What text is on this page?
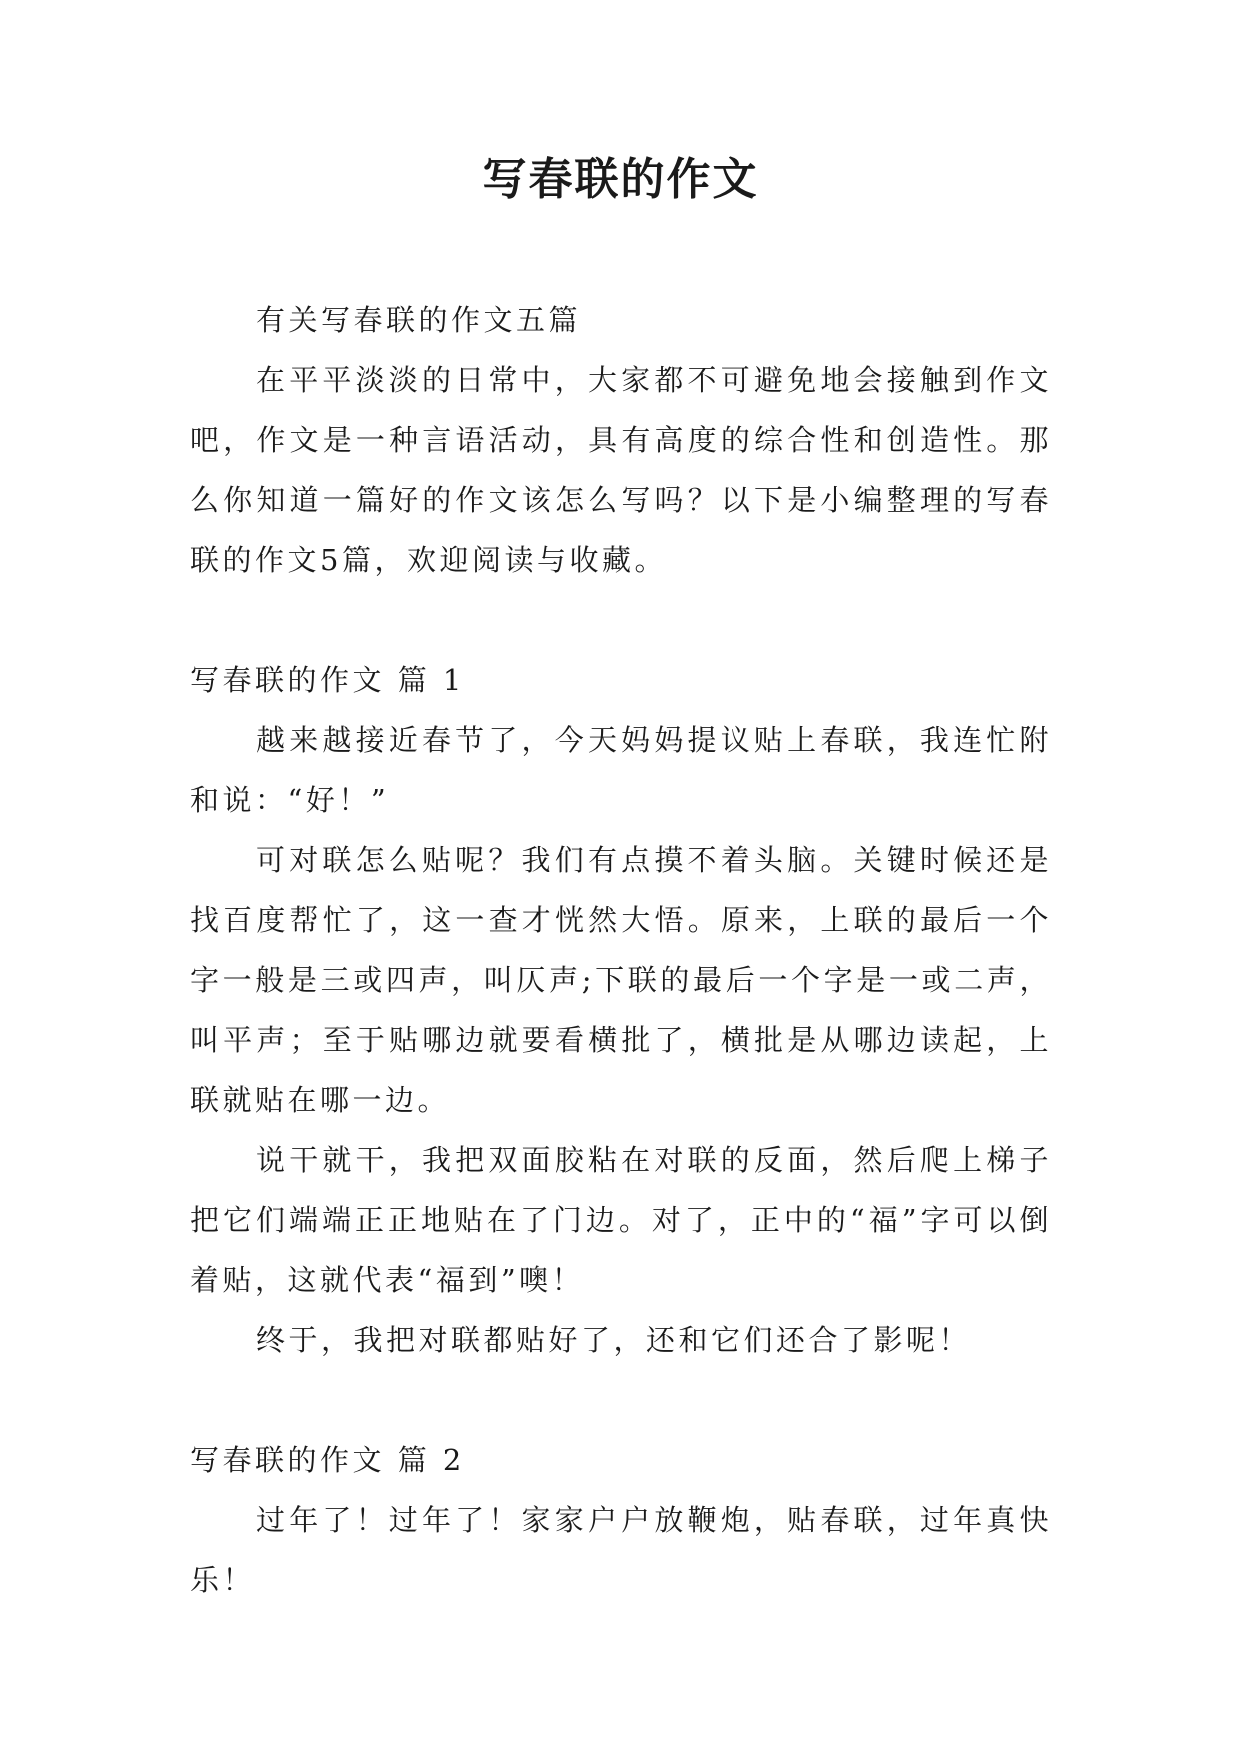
写春联的作文

有关写春联的作文五篇

在平平淡淡的日常中，大家都不可避免地会接触到作文吧，作文是一种言语活动，具有高度的综合性和创造性。那么你知道一篇好的作文该怎么写吗？以下是小编整理的写春联的作文5篇，欢迎阅读与收藏。

写春联的作文 篇 1

越来越接近春节了，今天妈妈提议贴上春联，我连忙附和说：“好！”

可对联怎么贴呢？我们有点摸不着头脑。关键时候还是找百度帮忙了，这一查才恍然大悟。原来，上联的最后一个字一般是三或四声，叫仄声;下联的最后一个字是一或二声，叫平声；至于贴哪边就要看横批了，横批是从哪边读起，上联就贴在哪一边。

说干就干，我把双面胶粘在对联的反面，然后爬上梯子把它们端端正正地贴在了门边。对了，正中的“福”字可以倒着贴，这就代表“福到”噢！

终于，我把对联都贴好了，还和它们还合了影呢！

写春联的作文 篇 2

过年了！过年了！家家户户放鞭炮，贴春联，过年真快乐！
